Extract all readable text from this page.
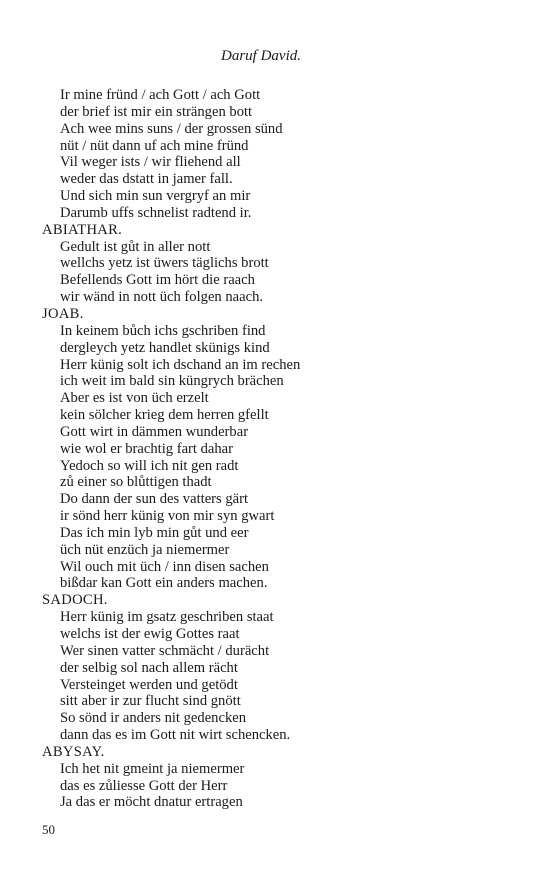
Daruf David.
Ir mine fründ / ach Gott / ach Gott
der brief ist mir ein strängen bott
Ach wee mins suns / der grossen sünd
nüt / nüt dann uf ach mine fründ
Vil weger ists / wir fliehend all
weder das dstatt in jamer fall.
Und sich min sun vergryf an mir
Darumb uffs schnelist radtend ir.
ABIATHAR.
Gedult ist gůt in aller nott
wellchs yetz ist üwers täglichs brott
Befellends Gott im hört die raach
wir wänd in nott üch folgen naach.
JOAB.
In keinem bůch ichs gschriben find
dergleych yetz handlet skünigs kind
Herr künig solt ich dschand an im rechen
ich weit im bald sin küngrych brächen
Aber es ist von üch erzelt
kein sölcher krieg dem herren gfellt
Gott wirt in dämmen wunderbar
wie wol er brachtig fart dahar
Yedoch so will ich nit gen radt
zů einer so blůttigen thadt
Do dann der sun des vatters gärt
ir sönd herr künig von mir syn gwart
Das ich min lyb min gůt und eer
üch nüt enzüch ja niemermer
Wil ouch mit üch / inn disen sachen
bißdar kan Gott ein anders machen.
SADOCH.
Herr künig im gsatz geschriben staat
welchs ist der ewig Gottes raat
Wer sinen vatter schmächt / durächt
der selbig sol nach allem rächt
Versteinget werden und getödt
sitt aber ir zur flucht sind gnött
So sönd ir anders nit gedencken
dann das es im Gott nit wirt schencken.
ABYSAY.
Ich het nit gmeint ja niemermer
das es zůliesse Gott der Herr
Ja das er möcht dnatur ertragen
50
